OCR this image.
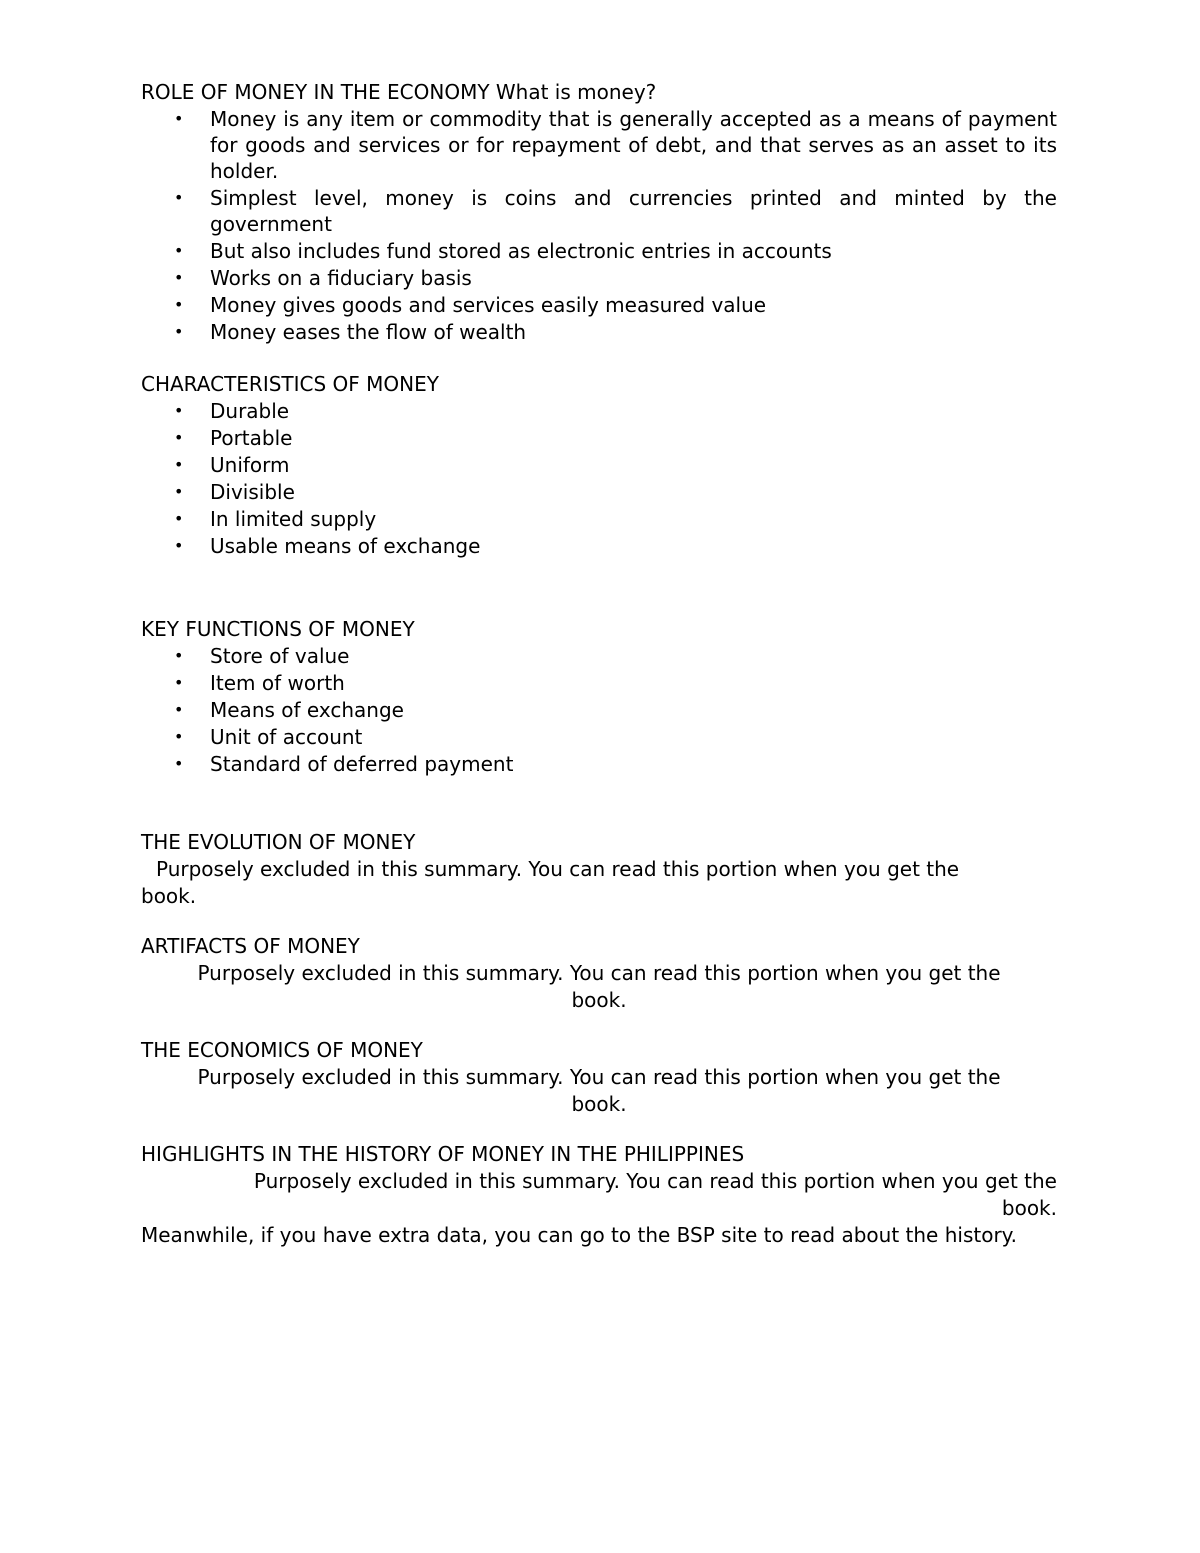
ROLE OF MONEY IN THE ECONOMY What is money?
• Money is any item or commodity that is generally accepted as a means of payment for goods and services or for repayment of debt, and that serves as an asset to its holder.
• Simplest level, money is coins and currencies printed and minted by the government
• But also includes fund stored as electronic entries in accounts
• Works on a fiduciary basis
• Money gives goods and services easily measured value
• Money eases the flow of wealth
CHARACTERISTICS OF MONEY
• Durable
• Portable
• Uniform
• Divisible
• In limited supply
• Usable means of exchange
KEY FUNCTIONS OF MONEY
• Store of value
• Item of worth
• Means of exchange
• Unit of account
• Standard of deferred payment
THE EVOLUTION OF MONEY

Purposely excluded in this summary. You can read this portion when you get the

book.

ARTIFACTS OF MONEY

Purposely excluded in this summary. You can read this portion when you get the

book.

THE ECONOMICS OF MONEY

Purposely excluded in this summary. You can read this portion when you get the

book.

HIGHLIGHTS IN THE HISTORY OF MONEY IN THE PHILIPPINES

Purposely excluded in this summary. You can read this portion when you get the

book.

Meanwhile, if you have extra data, you can go to the BSP site to read about the history.
